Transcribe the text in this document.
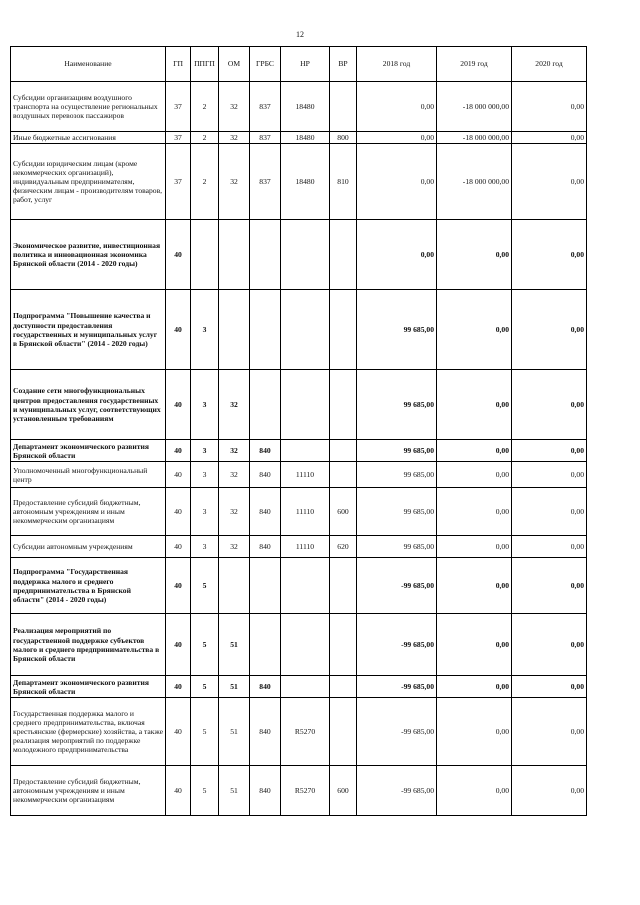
12
Наименование	ГП	ППГП	ОМ	ГРБС	НР	ВР	2018 год	2019 год	2020 год
Субсидии организациям воздушного транспорта на осуществление региональных воздушных перевозок пассажиров	37	2	32	837	18480		0,00	-18 000 000,00	0,00
Иные бюджетные ассигнования	37	2	32	837	18480	800	0,00	-18 000 000,00	0,00
Субсидии юридическим лицам (кроме некоммерческих организаций), индивидуальным предпринимателям, физическим лицам - производителям товаров, работ, услуг	37	2	32	837	18480	810	0,00	-18 000 000,00	0,00
Экономическое развитие, инвестиционная политика и инновационная экономика Брянской области (2014 - 2020 годы)	40						0,00	0,00	0,00
Подпрограмма "Повышение качества и доступности предоставления государственных и муниципальных услуг в Брянской области" (2014 - 2020 годы)	40	3					99 685,00	0,00	0,00
Создание сети многофункциональных центров предоставления государственных и муниципальных услуг, соответствующих установленным требованиям	40	3	32				99 685,00	0,00	0,00
Департамент экономического развития Брянской области	40	3	32	840			99 685,00	0,00	0,00
Уполномоченный многофункциональный центр	40	3	32	840	11110		99 685,00	0,00	0,00
Предоставление субсидий бюджетным, автономным учреждениям и иным некоммерческим организациям	40	3	32	840	11110	600	99 685,00	0,00	0,00
Субсидии автономным учреждениям	40	3	32	840	11110	620	99 685,00	0,00	0,00
Подпрограмма "Государственная поддержка малого и среднего предпринимательства в Брянской области" (2014 - 2020 годы)	40	5					-99 685,00	0,00	0,00
Реализация мероприятий по государственной поддержке субъектов малого и среднего предпринимательства в Брянской области	40	5	51				-99 685,00	0,00	0,00
Департамент экономического развития Брянской области	40	5	51	840			-99 685,00	0,00	0,00
Государственная поддержка малого и среднего предпринимательства, включая крестьянские (фермерские) хозяйства, а также реализация мероприятий по поддержке молодежного предпринимательства	40	5	51	840	R5270		-99 685,00	0,00	0,00
Предоставление субсидий бюджетным, автономным учреждениям и иным некоммерческим организациям	40	5	51	840	R5270	600	-99 685,00	0,00	0,00
